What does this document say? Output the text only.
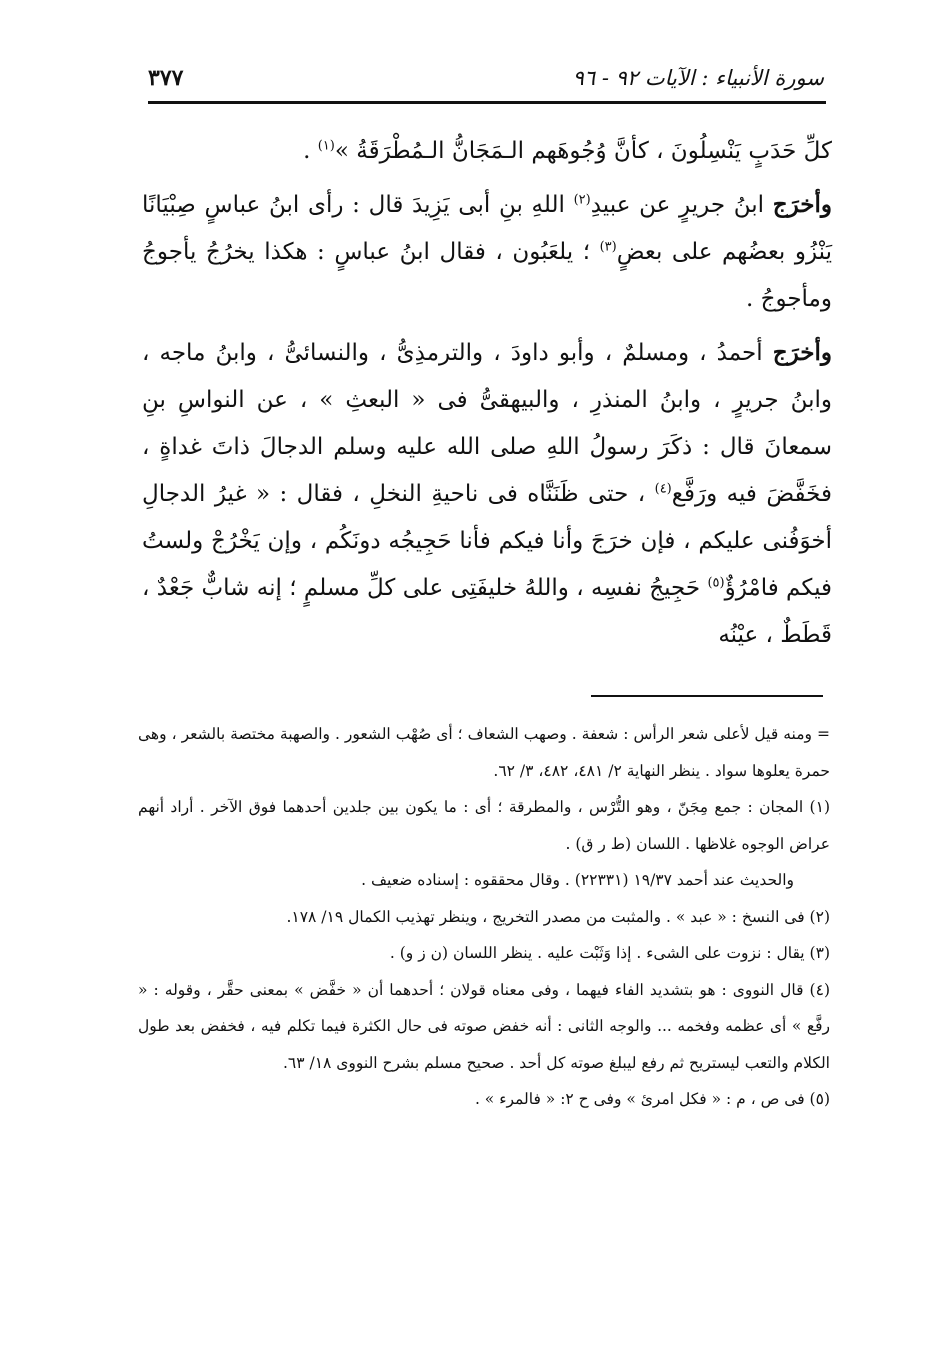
سورة الأنبياء : الآيات ٩٢ - ٩٦
٣٧٧

كلِّ حَدَبٍ يَنْسِلُونَ ، كأنَّ وُجُوهَهم الـمَجَانُّ الـمُطْرَقَةُ »$^{(١)}$ .

وأخرَج ابنُ جريرٍ عن عبيدِ$^{(٢)}$ اللهِ بنِ أبى يَزِيدَ قال : رأى ابنُ عباسٍ صِبْيَانًا يَنْزُو بعضُهم على بعضٍ$^{(٣)}$ ؛ يلعَبُون ، فقال ابنُ عباسٍ : هكذا يخرُجُ يأجوجُ ومأجوجُ .

وأخرَج أحمدُ ، ومسلمٌ ، وأبو داودَ ، والترمذِىُّ ، والنسائىُّ ، وابنُ ماجه ، وابنُ جريرٍ ، وابنُ المنذرِ ، والبيهقىُّ فى « البعثِ » ، عن النواسِ بنِ سمعانَ قال : ذكَرَ رسولُ اللهِ صلى الله عليه وسلم الدجالَ ذاتَ غداةٍ ، فخَفَّضَ فيه ورَفَّع$^{(٤)}$ ، حتى ظَنَنَّاه فى ناحيةِ النخلِ ، فقال : « غيرُ الدجالِ أخوَفُنى عليكم ، فإن خرَجَ وأنا فيكم فأنا حَجِيجُه دونَكُم ، وإن يَخْرُجْ ولستُ فيكم فامْرُؤٌ$^{(٥)}$ حَجِيجُ نفسِه ، واللهُ خليفَتِى على كلِّ مسلمٍ ؛ إنه شابٌّ جَعْدٌ ، قَطَطٌ ، عيْنُه

= ومنه قيل لأعلى شعر الرأس : شعفة . وصهب الشعاف ؛ أى صُهْب الشعور . والصهبة مختصة بالشعر ، وهى حمرة يعلوها سواد . ينظر النهاية ٢/ ٤٨١، ٤٨٢، ٣/ ٦٢.

(١) المجان : جمع مِجَنّ ، وهو التُّرْس ، والمطرقة ؛ أى : ما يكون بين جلدين أحدهما فوق الآخر . أراد أنهم عراض الوجوه غلاظها . اللسان (ط ر ق) .

والحديث عند أحمد ١٩/٣٧ (٢٢٣٣١) . وقال محققوه : إسناده ضعيف .

(٢) فى النسخ : « عبد » . والمثبت من مصدر التخريج ، وينظر تهذيب الكمال ١٩/ ١٧٨.

(٣) يقال : نزوت على الشىء . إذا وَثَبْت عليه . ينظر اللسان (ن ز و) .

(٤) قال النووى : هو بتشديد الفاء فيهما ، وفى معناه قولان ؛ أحدهما أن « خفَّض » بمعنى حقَّر ، وقوله : « رفَّع » أى عظمه وفخمه ... والوجه الثانى : أنه خفض صوته فى حال الكثرة فيما تكلم فيه ، فخفض بعد طول الكلام والتعب ليستريح ثم رفع ليبلغ صوته كل أحد . صحيح مسلم بشرح النووى ١٨/ ٦٣.

(٥) فى ص ، م : « فكل امرئ » وفى ح ٢: « فالمرء » .
